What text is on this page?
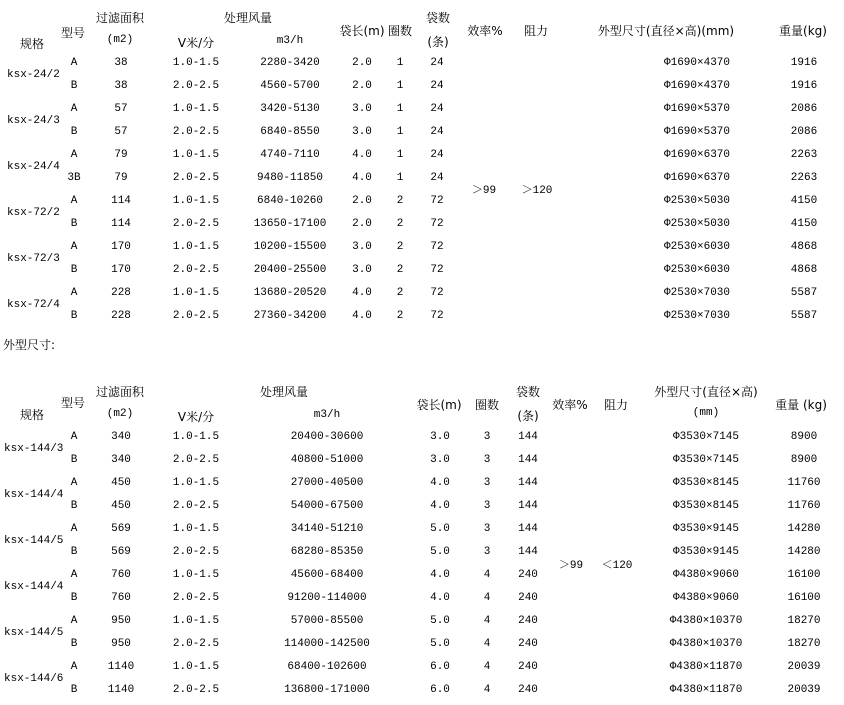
规格
型号
过滤面积
(m2)
处理风量
V米/分	m3/h
袋长(m) 圈数
袋数
(条)
效率% 阻力	外型尺寸(直径×高)(mm)	重量(kg)
＞99 ＞120
ksx-24/2
A	38	1.0-1.5	2280-3420	2.0 1 24	Φ1690×4370	1916
B	38	2.0-2.5	4560-5700	2.0 1 24	Φ1690×4370	1916
ksx-24/3
A	57	1.0-1.5	3420-5130	3.0 1 24	Φ1690×5370	2086
B	57	2.0-2.5	6840-8550	3.0 1 24	Φ1690×5370	2086
ksx-24/4
A	79	1.0-1.5	4740-7110	4.0 1 24	Φ1690×6370	2263
3B	79	2.0-2.5	9480-11850	4.0 1 24	Φ1690×6370	2263
ksx-72/2
A	114	1.0-1.5	6840-10260	2.0 2 72	Φ2530×5030	4150
B	114	2.0-2.5	13650-17100 2.0 2 72	Φ2530×5030	4150
ksx-72/3
A	170	1.0-1.5	10200-15500 3.0 2 72	Φ2530×6030	4868
B	170	2.0-2.5	20400-25500 3.0 2 72	Φ2530×6030	4868
ksx-72/4
A	228	1.0-1.5	13680-20520 4.0 2 72	Φ2530×7030	5587
B	228	2.0-2.5	27360-34200 4.0 2 72	Φ2530×7030	5587
外型尺寸:
规格
型号
过滤面积
(m2)
处理风量
V米/分	m3/h
袋长(m) 圈数
袋数
(条)
效率% 阻力
外型尺寸(直径×高)
(mm)
重量 (kg)
＞99 ＜120
ksx-144/3
A	340	1.0-1.5	20400-30600	3.0	3	144	Φ3530×7145	8900
B	340	2.0-2.5	40800-51000	3.0	3	144	Φ3530×7145	8900
ksx-144/4
A	450	1.0-1.5	27000-40500	4.0	3	144	Φ3530×8145	11760
B	450	2.0-2.5	54000-67500	4.0	3	144	Φ3530×8145	11760
ksx-144/5
A	569	1.0-1.5	34140-51210	5.0	3	144	Φ3530×9145	14280
B	569	2.0-2.5	68280-85350	5.0	3	144	Φ3530×9145	14280
ksx-144/4
A	760	1.0-1.5	45600-68400	4.0	4	240	Φ4380×9060	16100
B	760	2.0-2.5	91200-114000	4.0	4	240	Φ4380×9060	16100
ksx-144/5
A	950	1.0-1.5	57000-85500	5.0	4	240	Φ4380×10370	18270
B	950	2.0-2.5	114000-142500	5.0	4	240	Φ4380×10370	18270
ksx-144/6
A	1140	1.0-1.5	68400-102600	6.0	4	240	Φ4380×11870	20039
B	1140	2.0-2.5	136800-171000	6.0	4	240	Φ4380×11870	20039
